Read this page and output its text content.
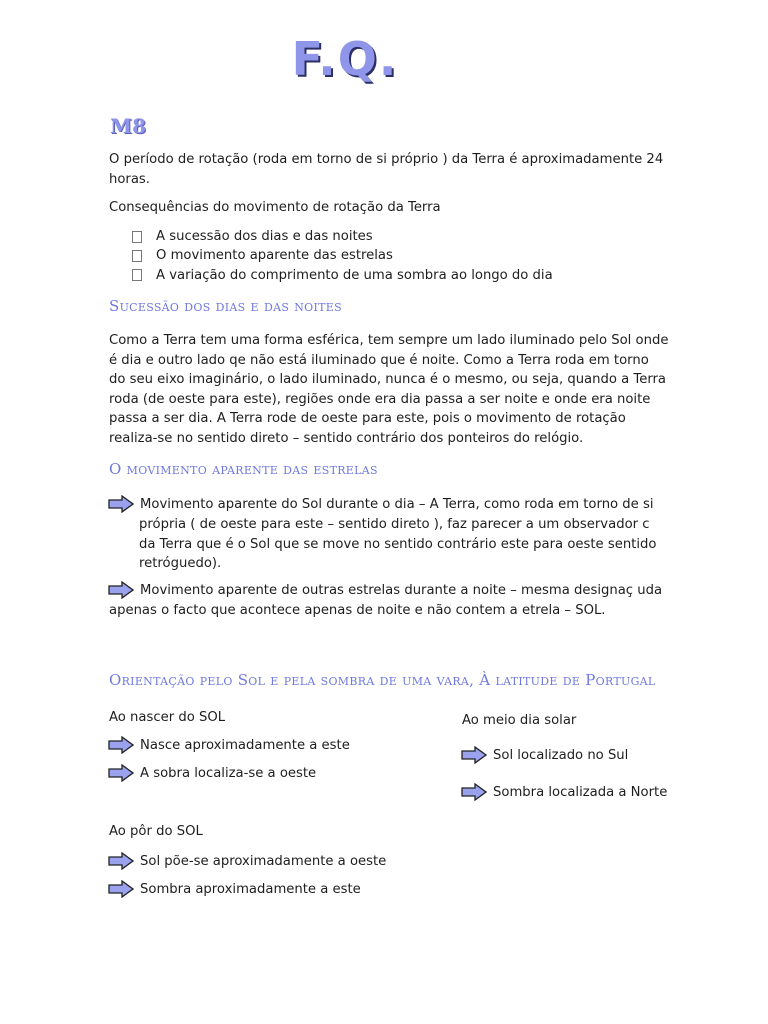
F.Q.
M8
O período de rotação (roda em torno de si próprio ) da Terra é aproximadamente 24 horas.
Consequências do movimento de rotação da Terra
A sucessão dos dias e das noites
O movimento aparente das estrelas
A variação do comprimento de uma sombra ao longo do dia
Sucessão dos dias e das noites
Como a Terra tem uma forma esférica, tem sempre um lado iluminado pelo Sol onde é dia e outro lado qe não está iluminado que é noite. Como a Terra roda em torno do seu eixo imaginário, o lado iluminado, nunca é o mesmo, ou seja, quando a Terra roda (de oeste para este), regiões onde era dia passa a ser noite e onde era noite passa a ser dia. A Terra rode de oeste para este, pois o movimento de rotação realiza-se no sentido direto – sentido contrário dos ponteiros do relógio.
O movimento aparente das estrelas
Movimento aparente do Sol durante o dia – A Terra, como roda em torno de si
própria ( de oeste para este – sentido direto ), faz parecer a um observador c da Terra que é o Sol que se move no sentido contrário este para oeste sentido retróguedo).
Movimento aparente de outras estrelas durante a noite – mesma designaç uda
apenas o facto que acontece apenas de noite e não contem a etrela – SOL.
Orientação pelo Sol e pela sombra de uma vara, À latitude de Portugal
Ao nascer do SOL
Nasce aproximadamente a este
A sobra localiza-se a oeste
Ao meio dia solar
Sol localizado no Sul
Sombra localizada a Norte
Ao pôr do SOL
Sol põe-se aproximadamente a oeste
Sombra aproximadamente a este
